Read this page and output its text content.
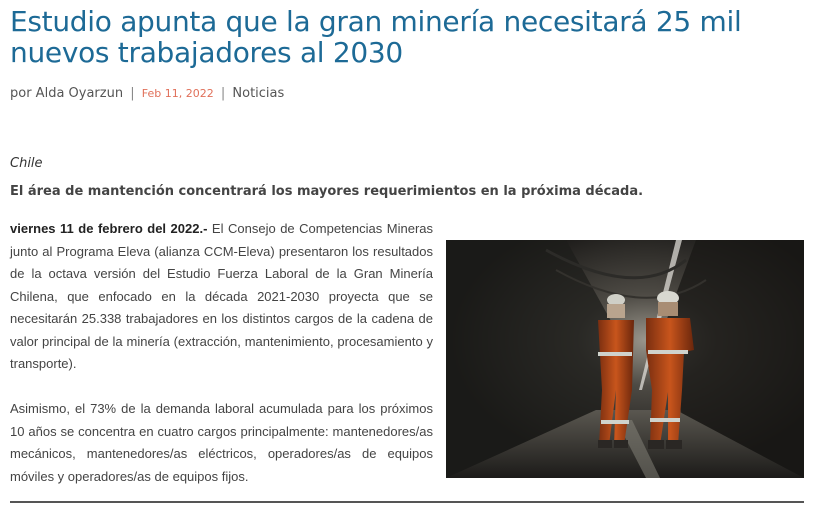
Estudio apunta que la gran minería necesitará 25 mil nuevos trabajadores al 2030
por Alda Oyarzun | Feb 11, 2022 | Noticias
Chile
El área de mantención concentrará los mayores requerimientos en la próxima década.

viernes 11 de febrero del 2022.- El Consejo de Competencias Mineras junto al Programa Eleva (alianza CCM-Eleva) presentaron los resultados de la octava versión del Estudio Fuerza Laboral de la Gran Minería Chilena, que enfocado en la década 2021-2030 proyecta que se necesitarán 25.338 trabajadores en los distintos cargos de la cadena de valor principal de la minería (extracción, mantenimiento, procesamiento y transporte).

Asimismo, el 73% de la demanda laboral acumulada para los próximos 10 años se concentra en cuatro cargos principalmente: mantenedores/as mecánicos, mantenedores/as eléctricos, operadores/as de equipos móviles y operadores/as de equipos fijos.
